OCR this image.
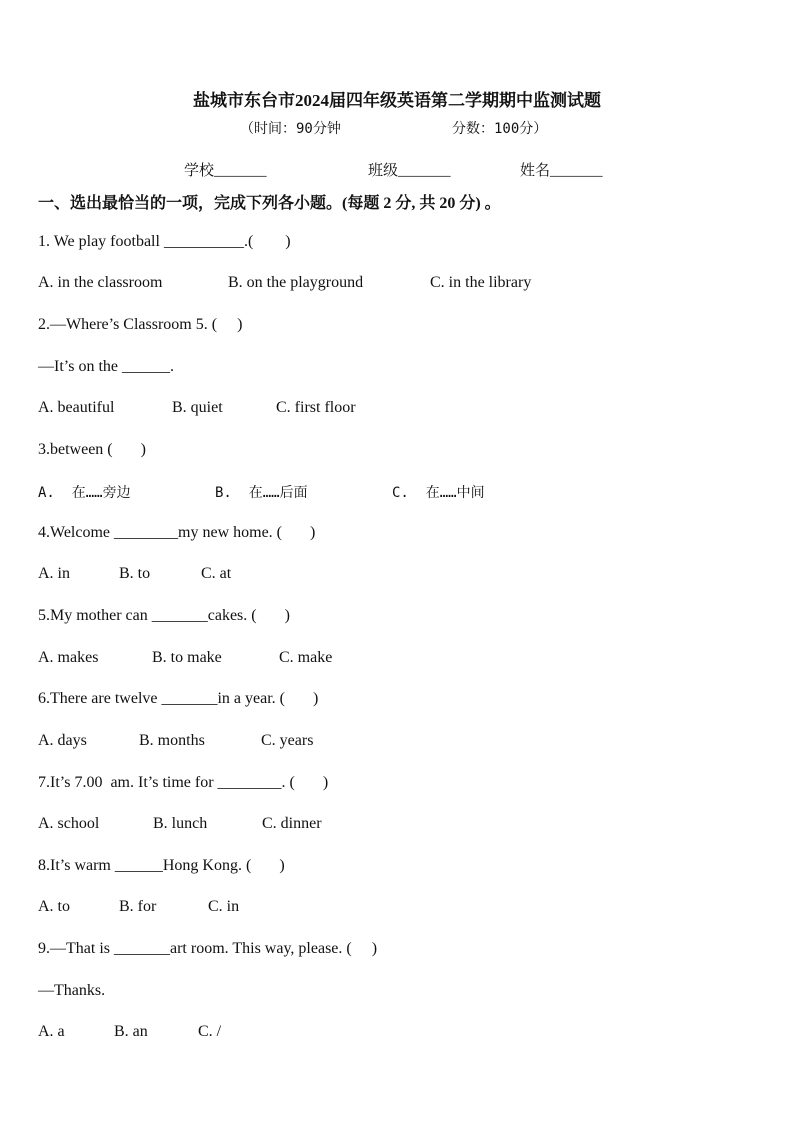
盐城市东台市2024届四年级英语第二学期期中监测试题
（时间：90分钟	分数：100分）
学校_______	班级_______	姓名_______
一、选出最恰当的一项，完成下列各小题。(每题 2 分, 共 20 分) 。
1. We play football __________.(        )
A. in the classroom	B. on the playground	C. in the library
2.—Where’s Classroom 5. (     )
—It’s on the ______.
A. beautiful	B. quiet	C. first floor
3.between (       )
A.  在……旁边	B.  在……后面	C.  在……中间
4.Welcome ________my new home. (       )
A. in	B. to	C. at
5.My mother can _______cakes. (       )
A. makes	B. to make	C. make
6.There are twelve _______in a year. (       )
A. days	B. months	C. years
7.It’s 7.00  am. It’s time for ________. (       )
A. school	B. lunch	C. dinner
8.It’s warm ______Hong Kong. (       )
A. to	B. for	C. in
9.—That is _______art room. This way, please. (     )
—Thanks.
A. a	B. an	C. /
